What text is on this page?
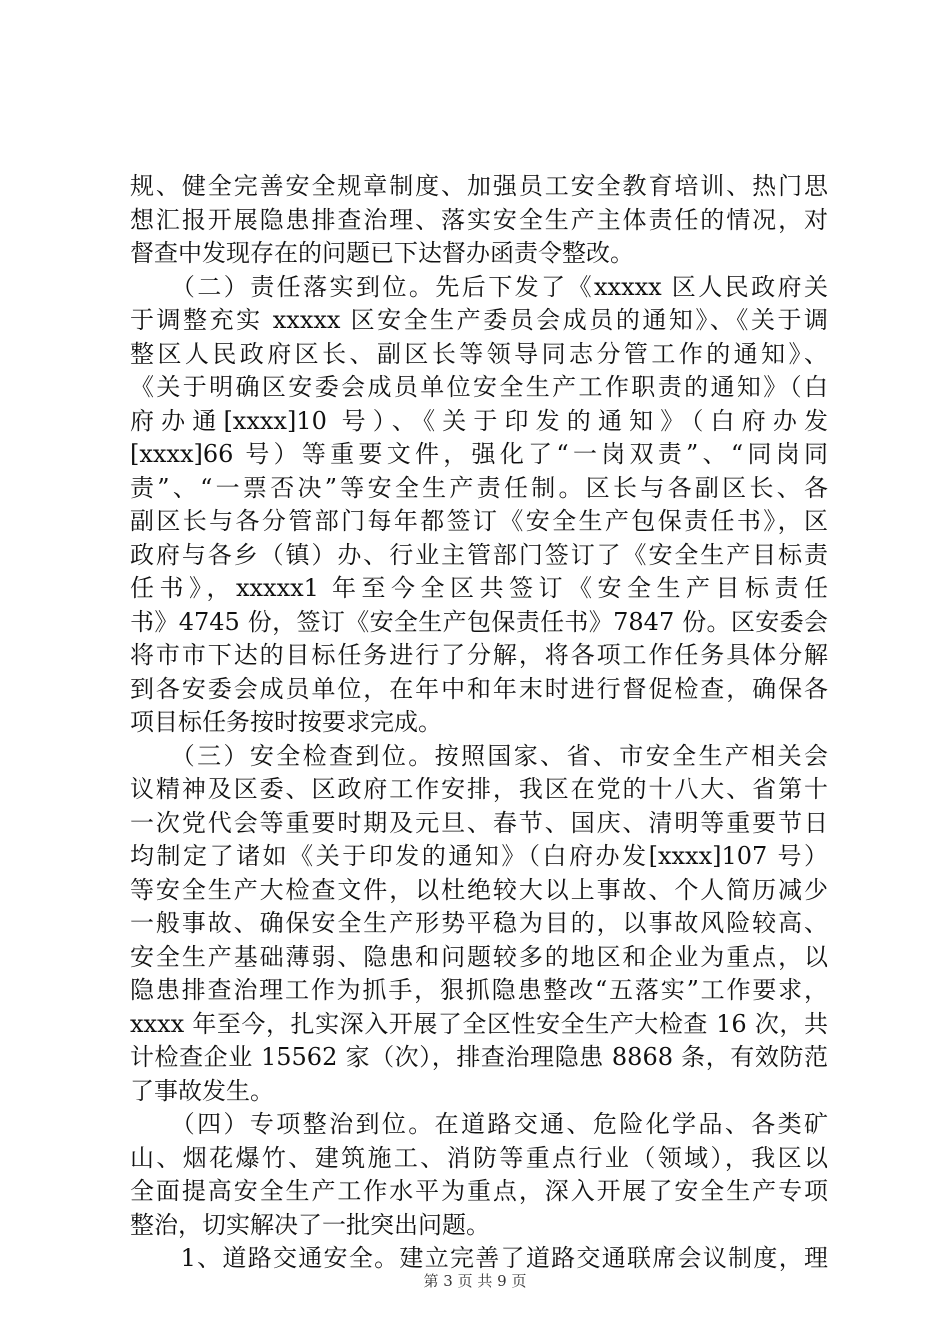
规、健全完善安全规章制度、加强员工安全教育培训、热门思
想汇报开展隐患排查治理、落实安全生产主体责任的情况，对
督查中发现存在的问题已下达督办函责令整改。
　　（二）责任落实到位。先后下发了《xxxxx 区人民政府关
于调整充实 xxxxx 区安全生产委员会成员的通知》、《关于调
整区人民政府区长、副区长等领导同志分管工作的通知》、
《关于明确区安委会成员单位安全生产工作职责的通知》（白
府办通[xxxx]10 号）、《关于印发的通知》（白府办发
[xxxx]66 号）等重要文件，强化了“一岗双责”、“同岗同
责”、“一票否决”等安全生产责任制。区长与各副区长、各
副区长与各分管部门每年都签订《安全生产包保责任书》，区
政府与各乡（镇）办、行业主管部门签订了《安全生产目标责
任书》，xxxxx1 年至今全区共签订《安全生产目标责任
书》4745 份，签订《安全生产包保责任书》7847 份。区安委会
将市市下达的目标任务进行了分解，将各项工作任务具体分解
到各安委会成员单位，在年中和年末时进行督促检查，确保各
项目标任务按时按要求完成。
　　（三）安全检查到位。按照国家、省、市安全生产相关会
议精神及区委、区政府工作安排，我区在党的十八大、省第十
一次党代会等重要时期及元旦、春节、国庆、清明等重要节日
均制定了诸如《关于印发的通知》（白府办发[xxxx]107 号）
等安全生产大检查文件，以杜绝较大以上事故、个人简历减少
一般事故、确保安全生产形势平稳为目的，以事故风险较高、
安全生产基础薄弱、隐患和问题较多的地区和企业为重点，以
隐患排查治理工作为抓手，狠抓隐患整改“五落实”工作要求，
xxxx 年至今，扎实深入开展了全区性安全生产大检查 16 次，共
计检查企业 15562 家（次），排查治理隐患 8868 条，有效防范
了事故发生。
　　（四）专项整治到位。在道路交通、危险化学品、各类矿
山、烟花爆竹、建筑施工、消防等重点行业（领域），我区以
全面提高安全生产工作水平为重点，深入开展了安全生产专项
整治，切实解决了一批突出问题。
　　1、道路交通安全。建立完善了道路交通联席会议制度，理
第 3 页 共 9 页
